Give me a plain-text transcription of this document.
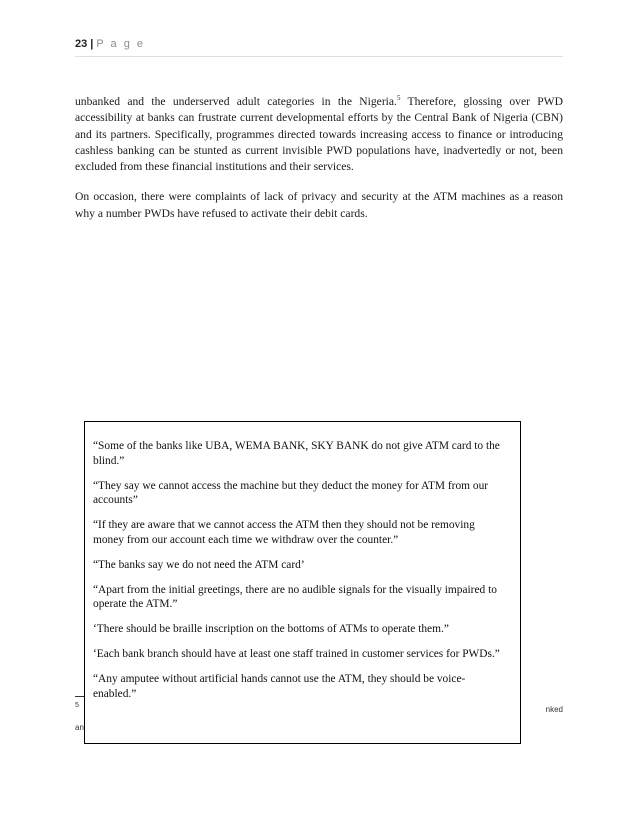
23 | P a g e

unbanked and the underserved adult categories in the Nigeria.$^5$ Therefore, glossing over PWD accessibility at banks can frustrate current developmental efforts by the Central Bank of Nigeria (CBN) and its partners. Specifically, programmes directed towards increasing access to finance or introducing cashless banking can be stunted as current invisible PWD populations have, inadvertedly or not, been excluded from these financial institutions and their services.

On occasion, there were complaints of lack of privacy and security at the ATM machines as a reason why a number PWDs have refused to activate their debit cards.

5	nked
an

“Some of the banks like UBA, WEMA BANK, SKY BANK do not give ATM card to the blind.”

“They say we cannot access the machine but they deduct the money for ATM from our accounts”

“If they are aware that we cannot access the ATM then they should not be removing money from our account each time we withdraw over the counter.”

“The banks say we do not need the ATM card’

“Apart from the initial greetings, there are no audible signals for the visually impaired to operate the ATM.”

‘There should be braille inscription on the bottoms of ATMs to operate them.”

‘Each bank branch should have at least one staff trained in customer services for PWDs.”

“Any amputee without artificial hands cannot use the ATM, they should be voice-enabled.”
